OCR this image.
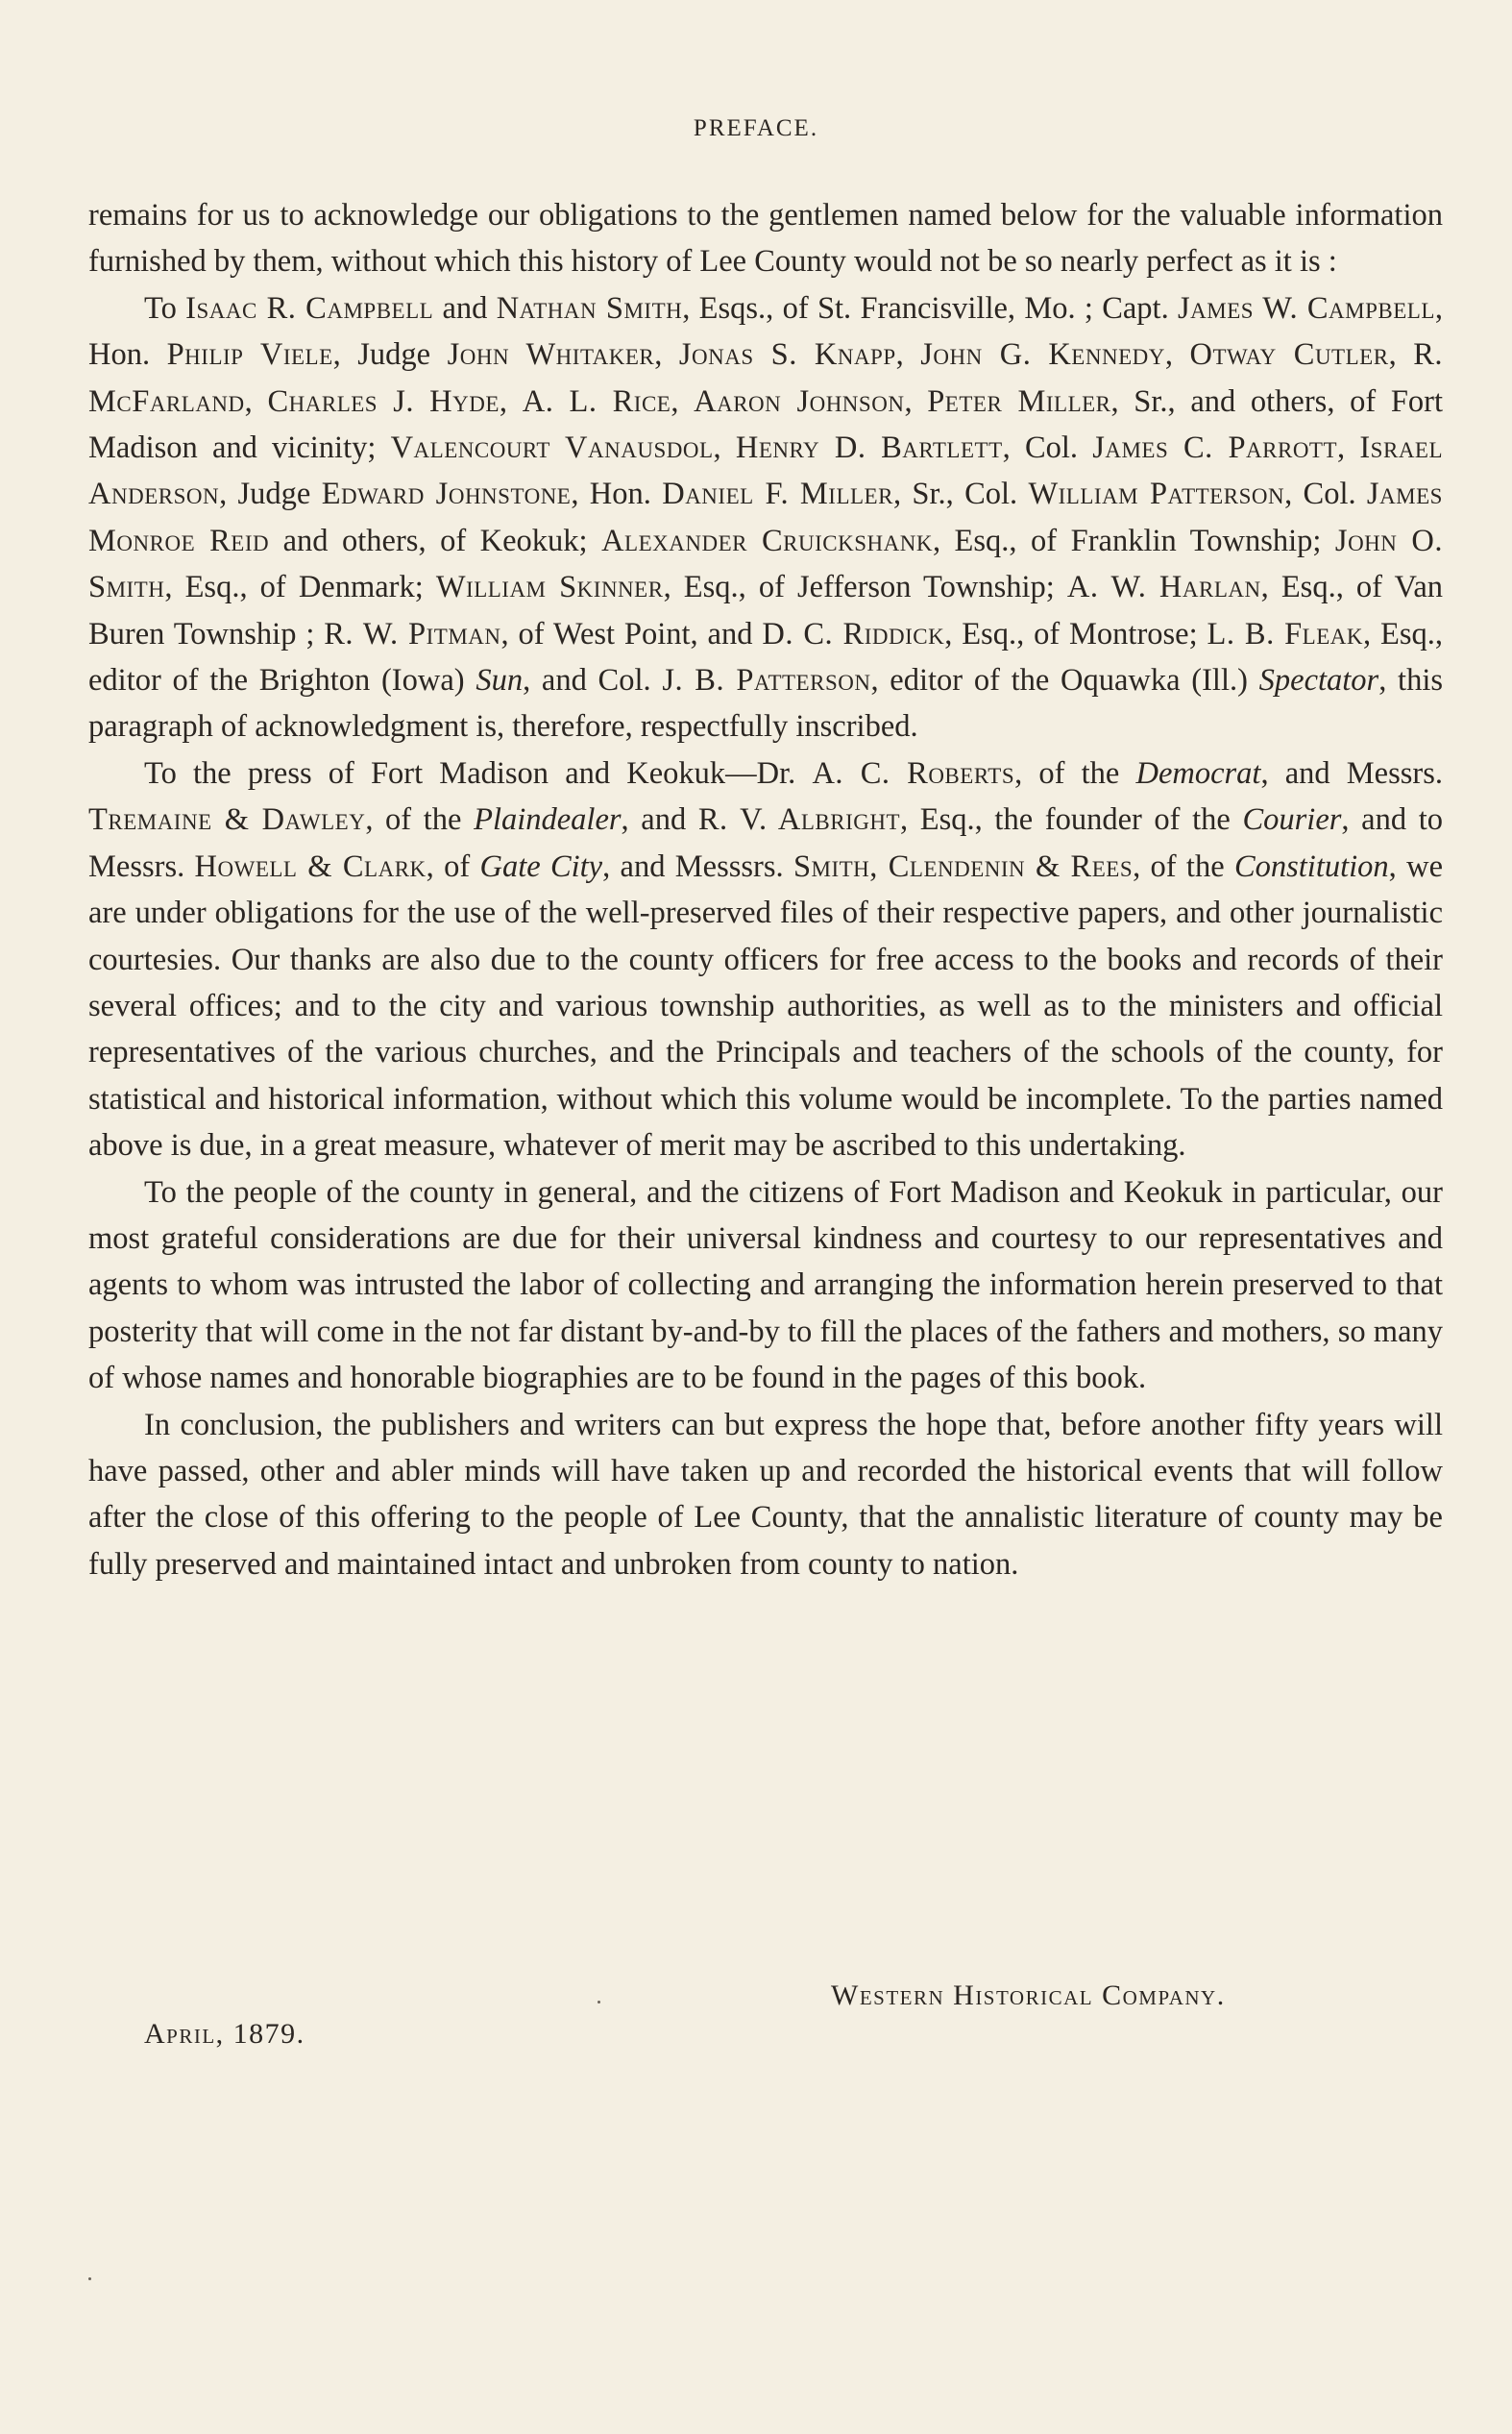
PREFACE.

remains for us to acknowledge our obligations to the gentlemen named below for the valuable information furnished by them, without which this history of Lee County would not be so nearly perfect as it is :

To Isaac R. Campbell and Nathan Smith, Esqs., of St. Francisville, Mo. ; Capt. James W. Campbell, Hon. Philip Viele, Judge John Whitaker, Jonas S. Knapp, John G. Kennedy, Otway Cutler, R. McFarland, Charles J. Hyde, A. L. Rice, Aaron Johnson, Peter Miller, Sr., and others, of Fort Madison and vicinity; Valencourt Vanausdol, Henry D. Bartlett, Col. James C. Parrott, Israel Anderson, Judge Edward Johnstone, Hon. Daniel F. Miller, Sr., Col. William Patterson, Col. James Monroe Reid and others, of Keokuk; Alexander Cruickshank, Esq., of Franklin Township; John O. Smith, Esq., of Denmark; William Skinner, Esq., of Jefferson Township; A. W. Harlan, Esq., of Van Buren Township ; R. W. Pitman, of West Point, and D. C. Riddick, Esq., of Montrose; L. B. Fleak, Esq., editor of the Brighton (Iowa) Sun, and Col. J. B. Patterson, editor of the Oquawka (Ill.) Spectator, this paragraph of acknowledgment is, therefore, respectfully inscribed.

To the press of Fort Madison and Keokuk—Dr. A. C. Roberts, of the Democrat, and Messrs. Tremaine & Dawley, of the Plaindealer, and R. V. Albright, Esq., the founder of the Courier, and to Messrs. Howell & Clark, of Gate City, and Messsrs. Smith, Clendenin & Rees, of the Constitution, we are under obligations for the use of the well-preserved files of their respective papers, and other journalistic courtesies. Our thanks are also due to the county officers for free access to the books and records of their several offices; and to the city and various township authorities, as well as to the ministers and official representatives of the various churches, and the Principals and teachers of the schools of the county, for statistical and historical information, without which this volume would be incomplete. To the parties named above is due, in a great measure, whatever of merit may be ascribed to this undertaking.

To the people of the county in general, and the citizens of Fort Madison and Keokuk in particular, our most grateful considerations are due for their universal kindness and courtesy to our representatives and agents to whom was intrusted the labor of collecting and arranging the information herein preserved to that posterity that will come in the not far distant by-and-by to fill the places of the fathers and mothers, so many of whose names and honorable biographies are to be found in the pages of this book.

In conclusion, the publishers and writers can but express the hope that, before another fifty years will have passed, other and abler minds will have taken up and recorded the historical events that will follow after the close of this offering to the people of Lee County, that the annalistic literature of county may be fully preserved and maintained intact and unbroken from county to nation.

Western Historical Company.
April, 1879.
